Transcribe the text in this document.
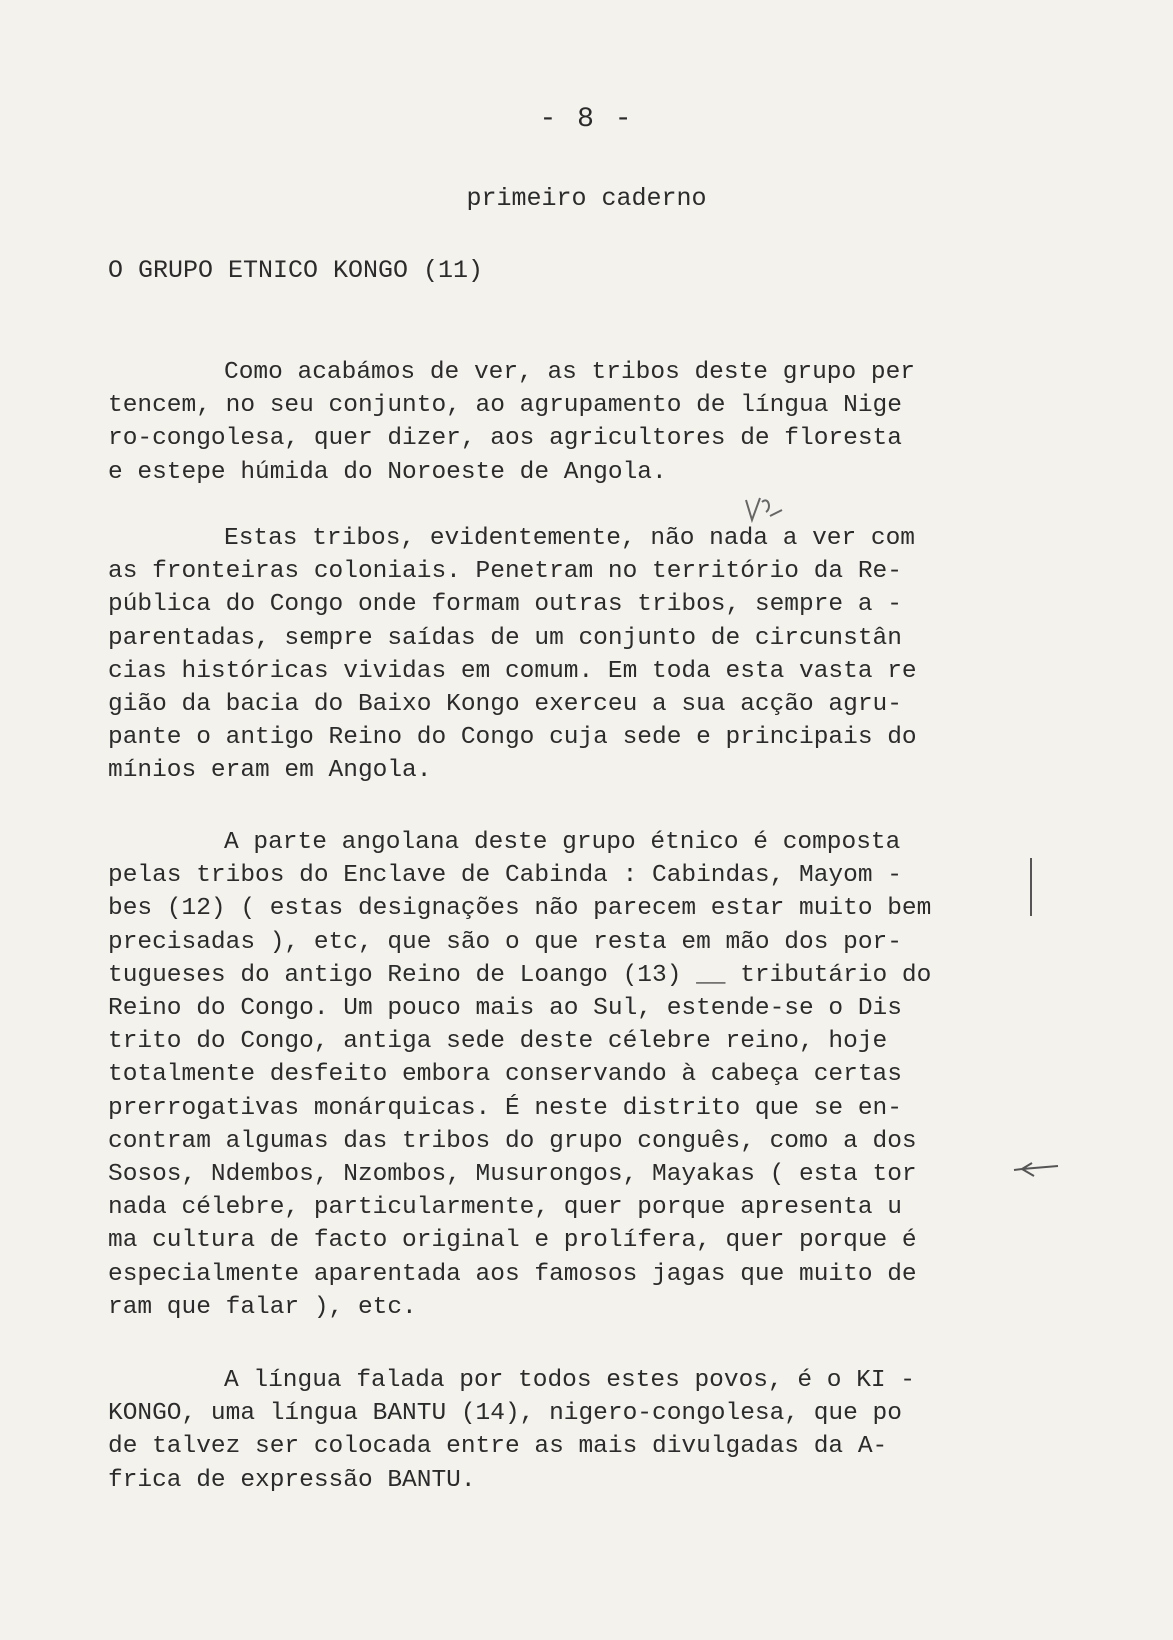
- 8 -
primeiro caderno
O GRUPO ETNICO KONGO (11)
Como acabámos de ver, as tribos deste grupo per
tencem, no seu conjunto, ao agrupamento de língua Nige
ro-congolesa, quer dizer, aos agricultores de floresta
e estepe húmida do Noroeste de Angola.
Estas tribos, evidentemente, não nada a ver com
as fronteiras coloniais. Penetram no território da Re-
pública do Congo onde formam outras tribos, sempre a -
parentadas, sempre saídas de um conjunto de circunstân
cias históricas vividas em comum. Em toda esta vasta re
gião da bacia do Baixo Kongo exerceu a sua acção agru-
pante o antigo Reino do Congo cuja sede e principais do
mínios eram em Angola.
A parte angolana deste grupo étnico é composta
pelas tribos do Enclave de Cabinda : Cabindas, Mayom -
bes (12) ( estas designações não parecem estar muito bem
precisadas ), etc, que são o que resta em mão dos por-
tugueses do antigo Reino de Loango (13) __ tributário do
Reino do Congo. Um pouco mais ao Sul, estende-se o Dis
trito do Congo, antiga sede deste célebre reino, hoje
totalmente desfeito embora conservando à cabeça certas
prerrogativas monárquicas. É neste distrito que se en-
contram algumas das tribos do grupo conguês, como a dos
Sosos, Ndembos, Nzombos, Musurongos, Mayakas ( esta tor
nada célebre, particularmente, quer porque apresenta u
ma cultura de facto original e prolífera, quer porque é
especialmente aparentada aos famosos jagas que muito de
ram que falar ), etc.
A língua falada por todos estes povos, é o KI -
KONGO, uma língua BANTU (14), nigero-congolesa, que po
de talvez ser colocada entre as mais divulgadas da A-
frica de expressão BANTU.
